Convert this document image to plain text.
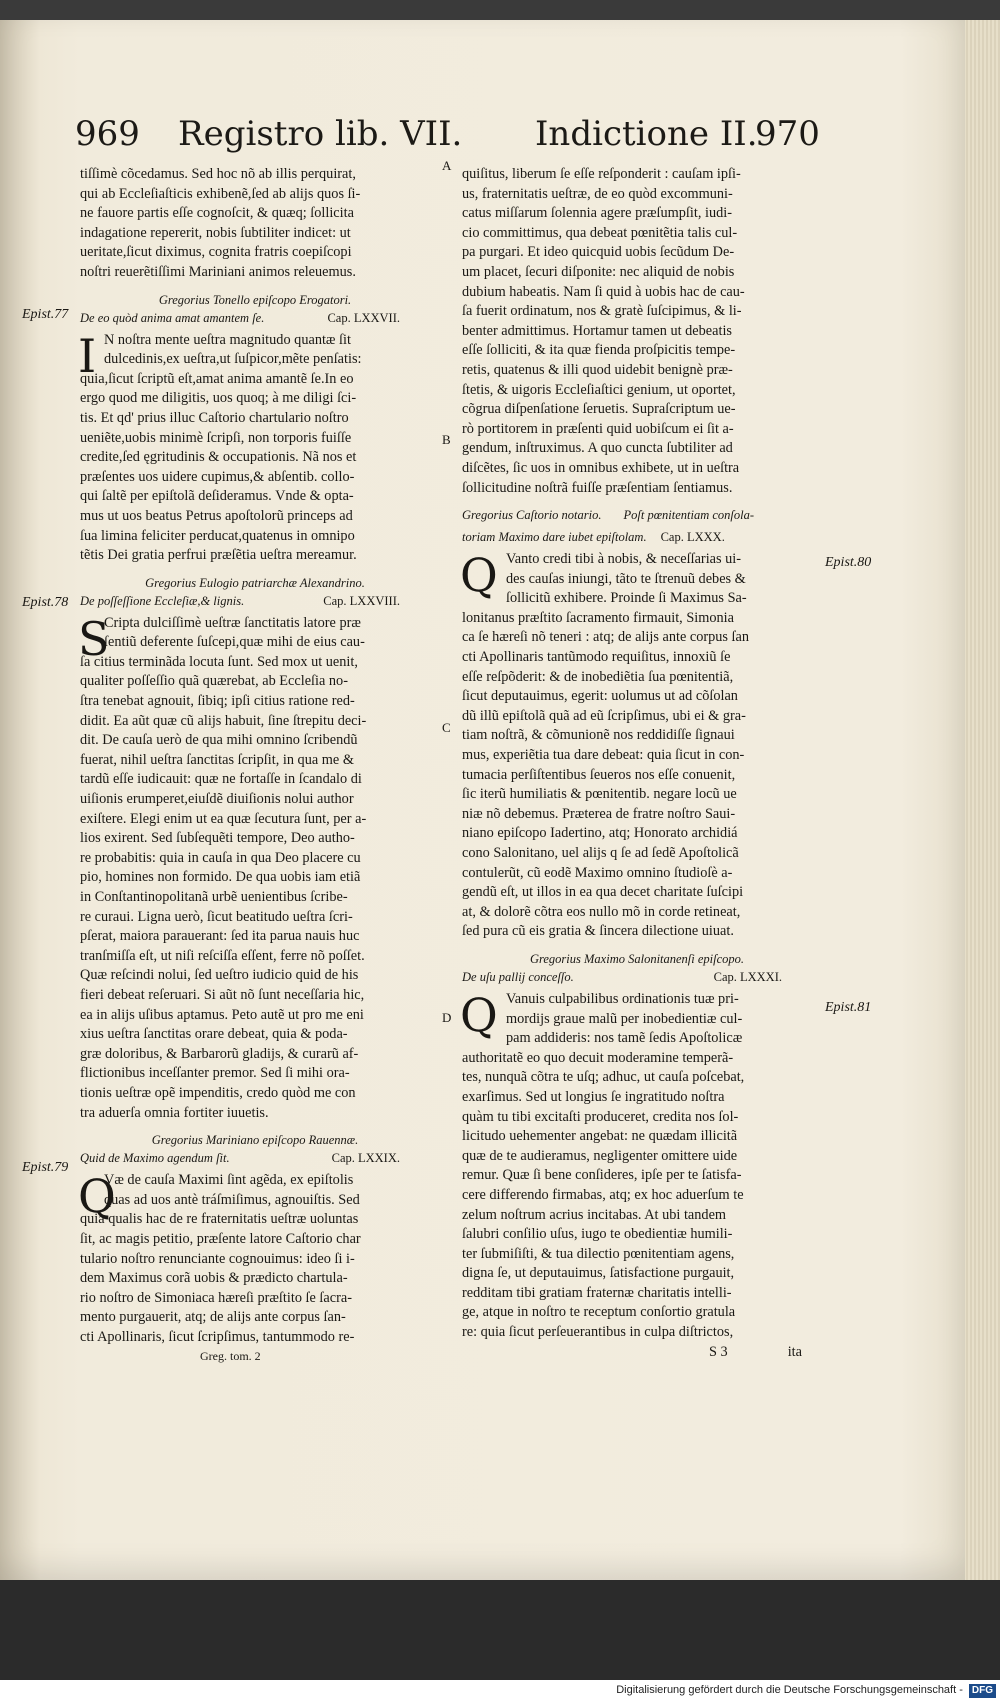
969 Registro lib. VII. Indictione II.
970
Epist.77
Epist.78
Epist.79
Epist.80
Epist.81
A
B
C
D
tiſſimè cõcedamus. Sed hoc nõ ab illis perquirat,
qui ab Eccleſiaſticis exhibenẽ,ſed ab alijs quos ſi-
ne fauore partis eſſe cognoſcit, & quæq; ſollicita
indagatione repererit, nobis ſubtiliter indicet: ut
ueritate,ſicut diximus, cognita fratris coepiſcopi
noſtri reuerẽtiſſimi Mariniani animos releuemus.
Gregorius Tonello epiſcopo Erogatori.
De eo quòd anima amat amantem ſe.	Cap. LXXVII.
I N noſtra mente ueſtra magnitudo quantæ ſit
dulcedinis,ex ueſtra,ut ſuſpicor,mẽte penſatis:
quia,ſicut ſcriptũ eſt,amat anima amantẽ ſe.In eo
ergo quod me diligitis, uos quoq; à me diligi ſci-
tis. Et qd' prius illuc Caſtorio chartulario noſtro
ueniẽte,uobis minimè ſcripſi, non torporis fuiſſe
credite,ſed ęgritudinis & occupationis. Nã nos et
præſentes uos uidere cupimus,& abſentib. collo-
qui ſaltẽ per epiſtolã deſideramus. Vnde & opta-
mus ut uos beatus Petrus apoſtolorũ princeps ad
ſua limina feliciter perducat,quatenus in omnipo
tẽtis Dei gratia perfrui præſẽtia ueſtra mereamur.
Gregorius Eulogio patriarchæ Alexandrino.
De poſſeſſione Eccleſiæ,& lignis.	Cap. LXXVIII.
S
Cripta dulciſſimè ueſtræ ſanctitatis latore præ
ſentiũ deferente ſuſcepi,quæ mihi de eius cau-
ſa citius terminãda locuta ſunt. Sed mox ut uenit,
qualiter poſſeſſio quã quærebat, ab Eccleſia no-
ſtra tenebat agnouit, ſibiq; ipſi citius ratione red-
didit. Ea aũt quæ cũ alijs habuit, ſine ſtrepitu deci-
dit. De cauſa uerò de qua mihi omnino ſcribendũ
fuerat, nihil ueſtra ſanctitas ſcripſit, in qua me &
tardũ eſſe iudicauit: quæ ne fortaſſe in ſcandalo di
uiſionis erumperet,eiuſdẽ diuiſionis nolui author
exiſtere. Elegi enim ut ea quæ ſecutura ſunt, per a-
lios exirent. Sed ſubſequẽti tempore, Deo autho-
re probabitis: quia in cauſa in qua Deo placere cu
pio, homines non formido. De qua uobis iam etiã
in Conſtantinopolitanã urbẽ uenientibus ſcribe-
re curaui. Ligna uerò, ſicut beatitudo ueſtra ſcri-
pſerat, maiora parauerant: ſed ita parua nauis huc
tranſmiſſa eſt, ut niſi reſciſſa eſſent, ferre nõ poſſet.
Quæ reſcindi nolui, ſed ueſtro iudicio quid de his
fieri debeat reſeruari. Si aũt nõ ſunt neceſſaria hic,
ea in alijs uſibus aptamus. Peto autẽ ut pro me eni
xius ueſtra ſanctitas orare debeat, quia & poda-
græ doloribus, & Barbarorũ gladijs, & curarũ af-
flictionibus inceſſanter premor. Sed ſi mihi ora-
tionis ueſtræ opẽ impenditis, credo quòd me con
tra aduerſa omnia fortiter iuuetis.
Gregorius Mariniano epiſcopo Rauennæ.
Quid de Maximo agendum ſit.	Cap. LXXIX.
Q
Væ de cauſa Maximi ſint agẽda, ex epiſtolis
quas ad uos antè tráſmiſimus, agnouiſtis. Sed
quia qualis hac de re fraternitatis ueſtræ uoluntas
ſit, ac magis petitio, præſente latore Caſtorio char
tulario noſtro renunciante cognouimus: ideo ſi i-
dem Maximus corã uobis & prædicto chartula-
rio noſtro de Simoniaca hæreſi præſtito ſe ſacra-
mento purgauerit, atq; de alijs ante corpus ſan-
cti Apollinaris, ſicut ſcripſimus, tantummodo re-
Greg. tom. 2
quiſitus, liberum ſe eſſe reſponderit : cauſam ipſi-
us, fraternitatis ueſtræ, de eo quòd excommuni-
catus miſſarum ſolennia agere præſumpſit, iudi-
cio committimus, qua debeat pœnitẽtia talis cul-
pa purgari. Et ideo quicquid uobis ſecũdum De-
um placet, ſecuri diſponite: nec aliquid de nobis
dubium habeatis. Nam ſi quid à uobis hac de cau-
ſa fuerit ordinatum, nos & gratè ſuſcipimus, & li-
benter admittimus. Hortamur tamen ut debeatis
eſſe ſolliciti, & ita quæ fienda proſpicitis tempe-
retis, quatenus & illi quod uidebit benignè præ-
ſtetis, & uigoris Eccleſiaſtici genium, ut oportet,
cõgrua diſpenſatione ſeruetis. Supraſcriptum ue-
rò portitorem in præſenti quid uobiſcum ei ſit a-
gendum, inſtruximus. A quo cuncta ſubtiliter ad
diſcẽtes, ſic uos in omnibus exhibete, ut in ueſtra
ſollicitudine noſtrã fuiſſe præſentiam ſentiamus.
Gregorius Caſtorio notario. Poſt pœnitentiam conſola-
toriam Maximo dare iubet epiſtolam. Cap. LXXX.
Q Vanto credi tibi à nobis, & neceſſarias ui-
des cauſas iniungi, tãto te ſtrenuũ debes &
ſollicitũ exhibere. Proinde ſi Maximus Sa-
lonitanus præſtito ſacramento firmauit, Simonia
ca ſe hæreſi nõ teneri : atq; de alijs ante corpus ſan
cti Apollinaris tantũmodo requiſitus, innoxiũ ſe
eſſe reſpõderit: & de inobediẽtia ſua pœnitentiã,
ſicut deputauimus, egerit: uolumus ut ad cõſolan
dũ illũ epiſtolã quã ad eũ ſcripſimus, ubi ei & gra-
tiam noſtrã, & cõmunionẽ nos reddidiſſe ſignaui
mus, experiẽtia tua dare debeat: quia ſicut in con-
tumacia perſiſtentibus ſeueros nos eſſe conuenit,
ſic iterũ humiliatis & pœnitentib. negare locũ ue
niæ nõ debemus. Præterea de fratre noſtro Saui-
niano epiſcopo Iadertino, atq; Honorato archidiá
cono Salonitano, uel alijs q ſe ad ſedẽ Apoſtolicã
contulerũt, cũ eodẽ Maximo omnino ſtudioſè a-
gendũ eſt, ut illos in ea qua decet charitate ſuſcipi
at, & dolorẽ cõtra eos nullo mõ in corde retineat,
ſed pura cũ eis gratia & ſincera dilectione uiuat.
Gregorius Maximo Salonitanenſi epiſcopo.
De uſu pallij conceſſo.	Cap. LXXXI.
Q Vanuis culpabilibus ordinationis tuæ pri-
mordijs graue malũ per inobedientiæ cul-
pam addideris: nos tamẽ ſedis Apoſtolicæ
authoritatẽ eo quo decuit moderamine temperã-
tes, nunquã cõtra te uſq; adhuc, ut cauſa poſcebat,
exarſimus. Sed ut longius ſe ingratitudo noſtra
quàm tu tibi excitaſti produceret, credita nos ſol-
licitudo uehementer angebat: ne quædam illicitã
quæ de te audieramus, negligenter omittere uide
remur. Quæ ſi bene conſideres, ipſe per te ſatisfa-
cere differendo firmabas, atq; ex hoc aduerſum te
zelum noſtrum acrius incitabas. At ubi tandem
ſalubri conſilio uſus, iugo te obedientiæ humili-
ter ſubmiſiſti, & tua dilectio pœnitentiam agens,
digna ſe, ut deputauimus, ſatisfactione purgauit,
redditam tibi gratiam fraternæ charitatis intelli-
ge, atque in noſtro te receptum conſortio gratula
re: quia ſicut perſeuerantibus in culpa diſtrictos,
S 3	ita
Digitalisierung gefördert durch die Deutsche Forschungsgemeinschaft - DFG
